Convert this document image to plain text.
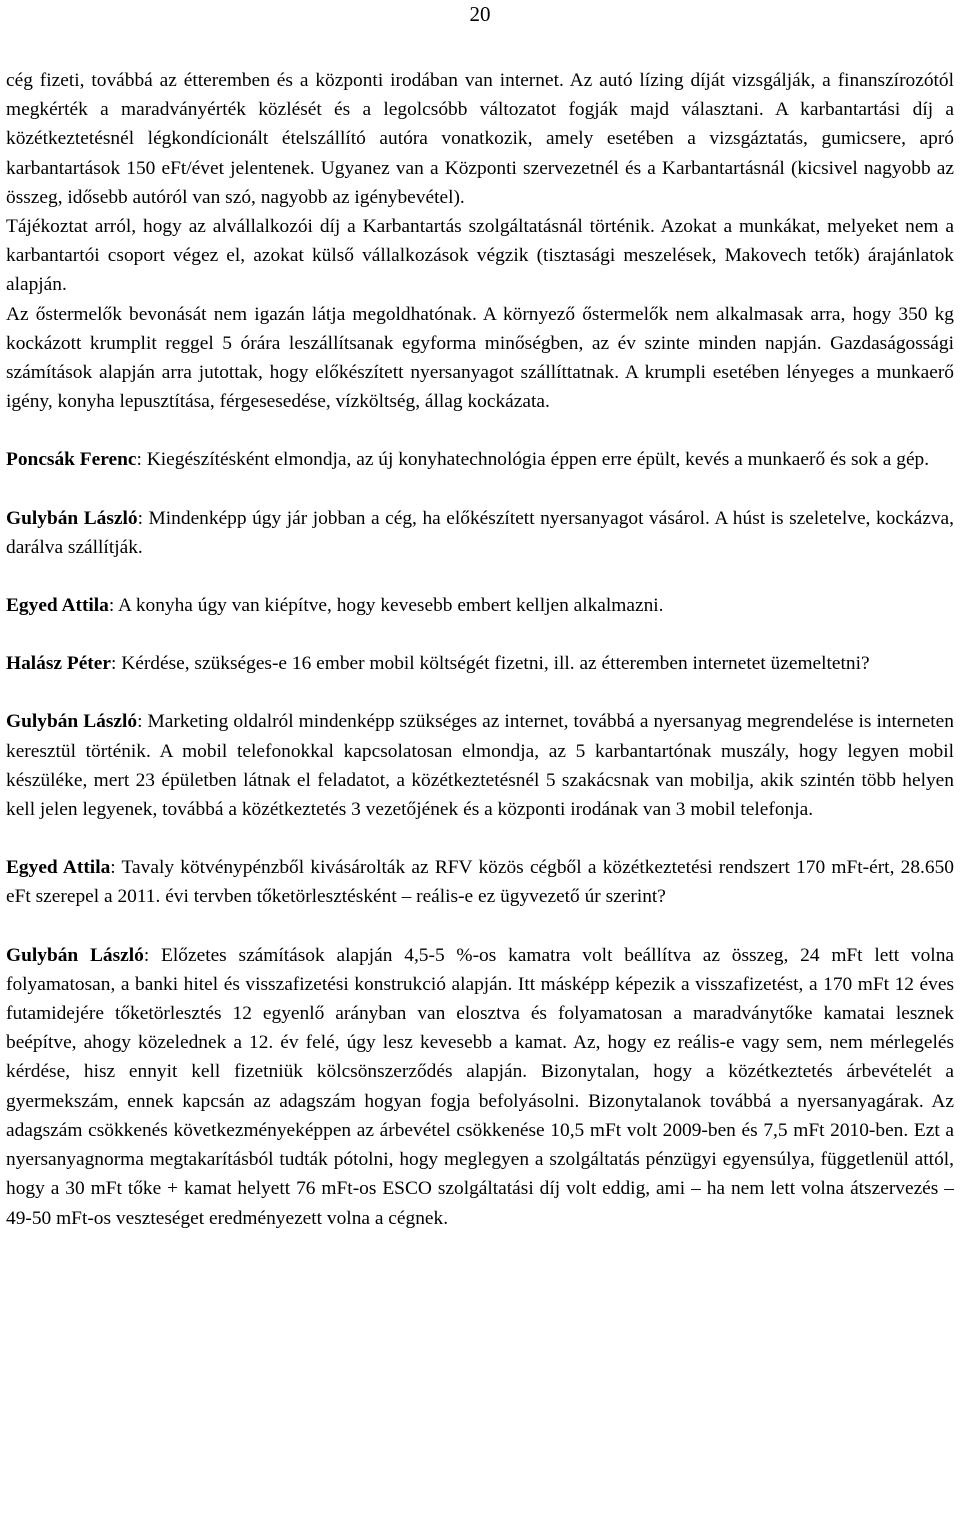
20

cég fizeti, továbbá az étteremben és a központi irodában van internet. Az autó lízing díját vizsgálják, a finanszírozótól megkérték a maradványérték közlését és a legolcsóbb változatot fogják majd választani. A karbantartási díj a közétkeztetésnél légkondícionált ételszállító autóra vonatkozik, amely esetében a vizsgáztatás, gumicsere, apró karbantartások 150 eFt/évet jelentenek. Ugyanez van a Központi szervezetnél és a Karbantartásnál (kicsivel nagyobb az összeg, idősebb autóról van szó, nagyobb az igénybevétel).

Tájékoztat arról, hogy az alvállalkozói díj a Karbantartás szolgáltatásnál történik. Azokat a munkákat, melyeket nem a karbantartói csoport végez el, azokat külső vállalkozások végzik (tisztasági meszelések, Makovech tetők) árajánlatok alapján.

Az őstermelők bevonását nem igazán látja megoldhatónak. A környező őstermelők nem alkalmasak arra, hogy 350 kg kockázott krumplit reggel 5 órára leszállítsanak egyforma minőségben, az év szinte minden napján. Gazdaságossági számítások alapján arra jutottak, hogy előkészített nyersanyagot szállíttatnak. A krumpli esetében lényeges a munkaerő igény, konyha lepusztítása, férgesesedése, vízköltség, állag kockázata.

Poncsák Ferenc: Kiegészítésként elmondja, az új konyhatechnológia éppen erre épült, kevés a munkaerő és sok a gép.

Gulybán László: Mindenképp úgy jár jobban a cég, ha előkészített nyersanyagot vásárol. A húst is szeletelve, kockázva, darálva szállítják.

Egyed Attila: A konyha úgy van kiépítve, hogy kevesebb embert kelljen alkalmazni.

Halász Péter: Kérdése, szükséges-e 16 ember mobil költségét fizetni, ill. az étteremben internetet üzemeltetni?

Gulybán László: Marketing oldalról mindenképp szükséges az internet, továbbá a nyersanyag megrendelése is interneten keresztül történik. A mobil telefonokkal kapcsolatosan elmondja, az 5 karbantartónak muszály, hogy legyen mobil készüléke, mert 23 épületben látnak el feladatot, a közétkeztetésnél 5 szakácsnak van mobilja, akik szintén több helyen kell jelen legyenek, továbbá a közétkeztetés 3 vezetőjének és a központi irodának van 3 mobil telefonja.

Egyed Attila: Tavaly kötvénypénzből kivásárolták az RFV közös cégből a közétkeztetési rendszert 170 mFt-ért, 28.650 eFt szerepel a 2011. évi tervben tőketörlesztésként – reális-e ez ügyvezető úr szerint?

Gulybán László: Előzetes számítások alapján 4,5-5 %-os kamatra volt beállítva az összeg, 24 mFt lett volna folyamatosan, a banki hitel és visszafizetési konstrukció alapján. Itt másképp képezik a visszafizetést, a 170 mFt 12 éves futamidejére tőketörlesztés 12 egyenlő arányban van elosztva és folyamatosan a maradványtőke kamatai lesznek beépítve, ahogy közelednek a 12. év felé, úgy lesz kevesebb a kamat. Az, hogy ez reális-e vagy sem, nem mérlegelés kérdése, hisz ennyit kell fizetniük kölcsönszerződés alapján. Bizonytalan, hogy a közétkeztetés árbevételét a gyermekszám, ennek kapcsán az adagszám hogyan fogja befolyásolni. Bizonytalanok továbbá a nyersanyagárak. Az adagszám csökkenés következményeképpen az árbevétel csökkenése 10,5 mFt volt 2009-ben és 7,5 mFt 2010-ben. Ezt a nyersanyagnorma megtakarításból tudták pótolni, hogy meglegyen a szolgáltatás pénzügyi egyensúlya, függetlenül attól, hogy a 30 mFt tőke + kamat helyett 76 mFt-os ESCO szolgáltatási díj volt eddig, ami – ha nem lett volna átszervezés – 49-50 mFt-os veszteséget eredményezett volna a cégnek.
